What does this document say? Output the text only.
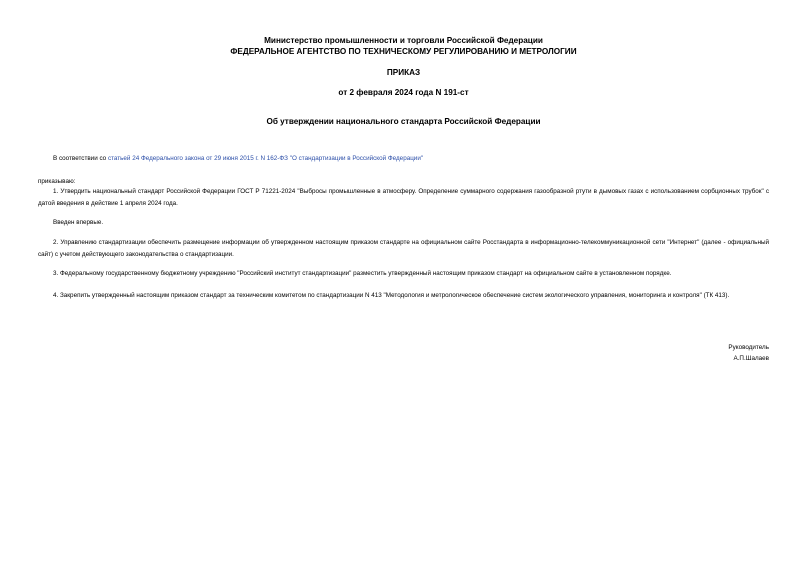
Министерство промышленности и торговли Российской Федерации
ФЕДЕРАЛЬНОЕ АГЕНТСТВО ПО ТЕХНИЧЕСКОМУ РЕГУЛИРОВАНИЮ И МЕТРОЛОГИИ
ПРИКАЗ
от 2 февраля 2024 года N 191-ст
Об утверждении национального стандарта Российской Федерации
В соответствии со статьей 24 Федерального закона от 29 июня 2015 г. N 162-ФЗ "О стандартизации в Российской Федерации"
приказываю:
1. Утвердить национальный стандарт Российской Федерации ГОСТ Р 71221-2024 "Выбросы промышленные в атмосферу. Определение суммарного содержания газообразной ртути в дымовых газах с использованием сорбционных трубок" с датой введения в действие 1 апреля 2024 года.
Введен впервые.
2. Управлению стандартизации обеспечить размещение информации об утвержденном настоящим приказом стандарте на официальном сайте Росстандарта в информационно-телекоммуникационной сети "Интернет" (далее - официальный сайт) с учетом действующего законодательства о стандартизации.
3. Федеральному государственному бюджетному учреждению "Российский институт стандартизации" разместить утвержденный настоящим приказом стандарт на официальном сайте в установленном порядке.
4. Закрепить утвержденный настоящим приказом стандарт за техническим комитетом по стандартизации N 413 "Методология и метрологическое обеспечение систем экологического управления, мониторинга и контроля" (ТК 413).
Руководитель
А.П.Шалаев
